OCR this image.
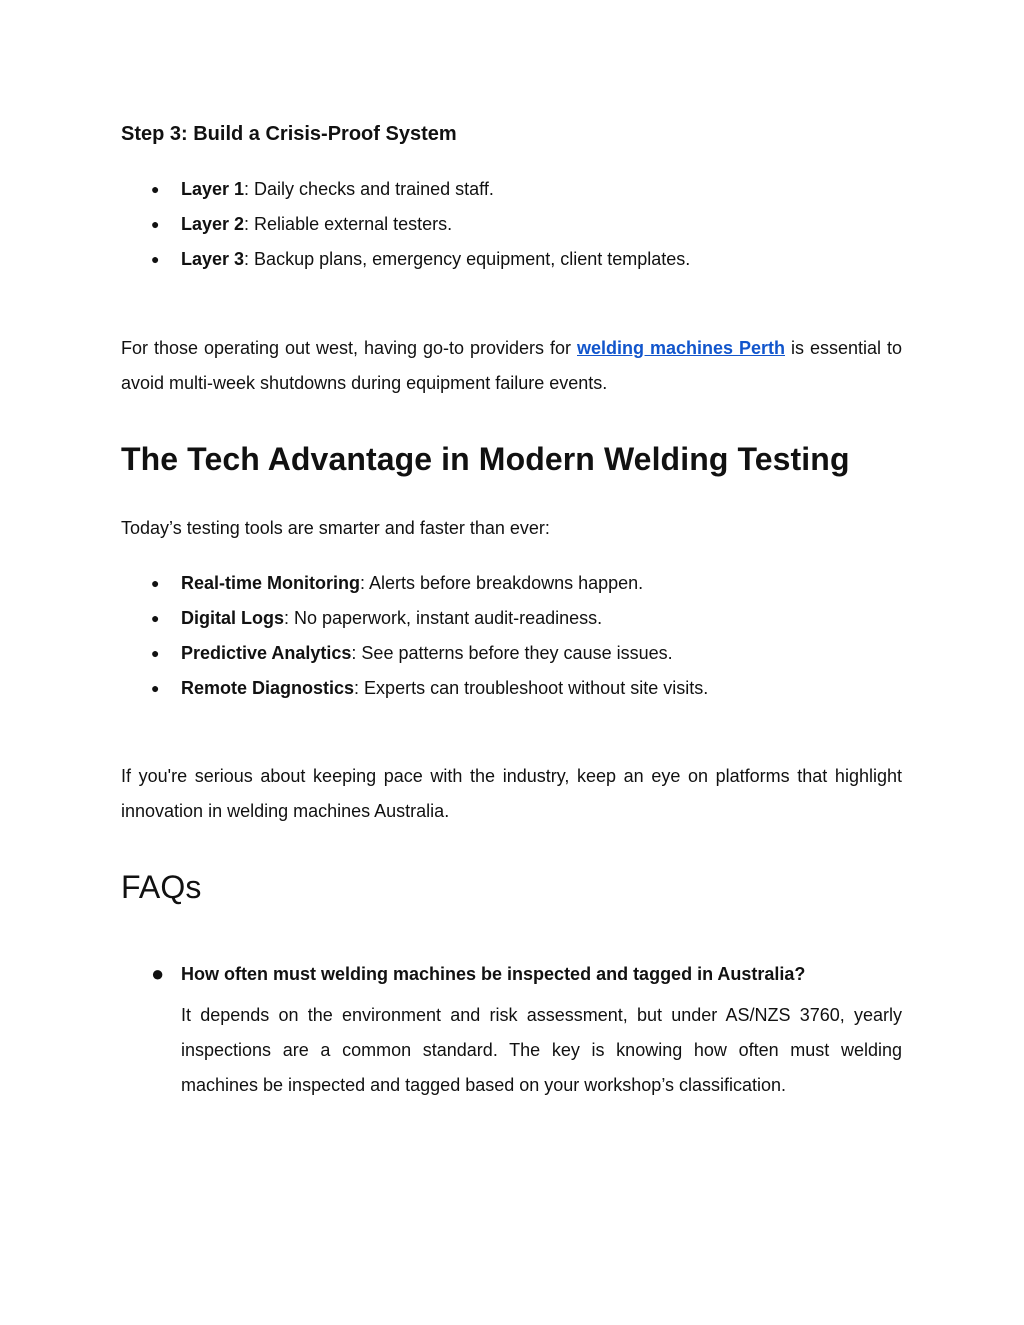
Step 3: Build a Crisis-Proof System
● Layer 1: Daily checks and trained staff.
● Layer 2: Reliable external testers.
● Layer 3: Backup plans, emergency equipment, client templates.

For those operating out west, having go-to providers for welding machines Perth is essential to avoid multi-week shutdowns during equipment failure events.

The Tech Advantage in Modern Welding Testing

Today’s testing tools are smarter and faster than ever:

● Real-time Monitoring: Alerts before breakdowns happen.
● Digital Logs: No paperwork, instant audit-readiness.
● Predictive Analytics: See patterns before they cause issues.
● Remote Diagnostics: Experts can troubleshoot without site visits.

If you're serious about keeping pace with the industry, keep an eye on platforms that highlight innovation in welding machines Australia.

FAQs

● How often must welding machines be inspected and tagged in Australia?

It depends on the environment and risk assessment, but under AS/NZS 3760, yearly inspections are a common standard. The key is knowing how often must welding machines be inspected and tagged based on your workshop’s classification.
